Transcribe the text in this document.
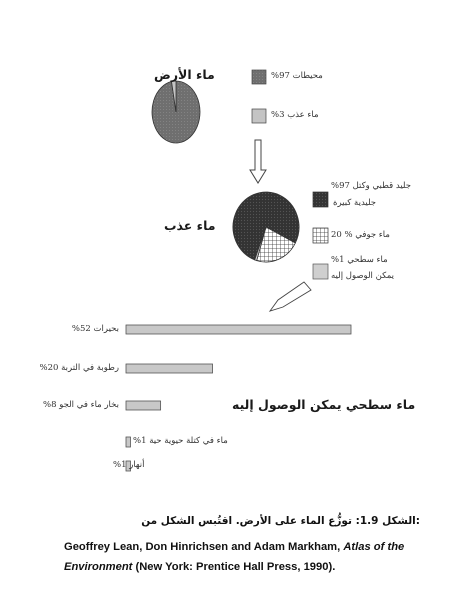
ماء الأرض	%97 محيطات
%3 ماء عذب
ماء عذب
%97 جليد قطبي وكتل
جليدية كبيرة
20 % ماء جوفي
%1 ماء سطحي
يمكن الوصول إليه
ماء سطحي يمكن الوصول إليه
%52 بحيرات
%20 رطوبة في التربة
%8 بخار ماء في الجو
%1 ماء في كتلة حيوية حية
%1 أنهار
الشكل 1.9: توزُّع الماء على الأرض. اقتُبس الشكل من:
Geoffrey Lean, Don Hinrichsen and Adam Markham, Atlas of the
Environment (New York: Prentice Hall Press, 1990).
